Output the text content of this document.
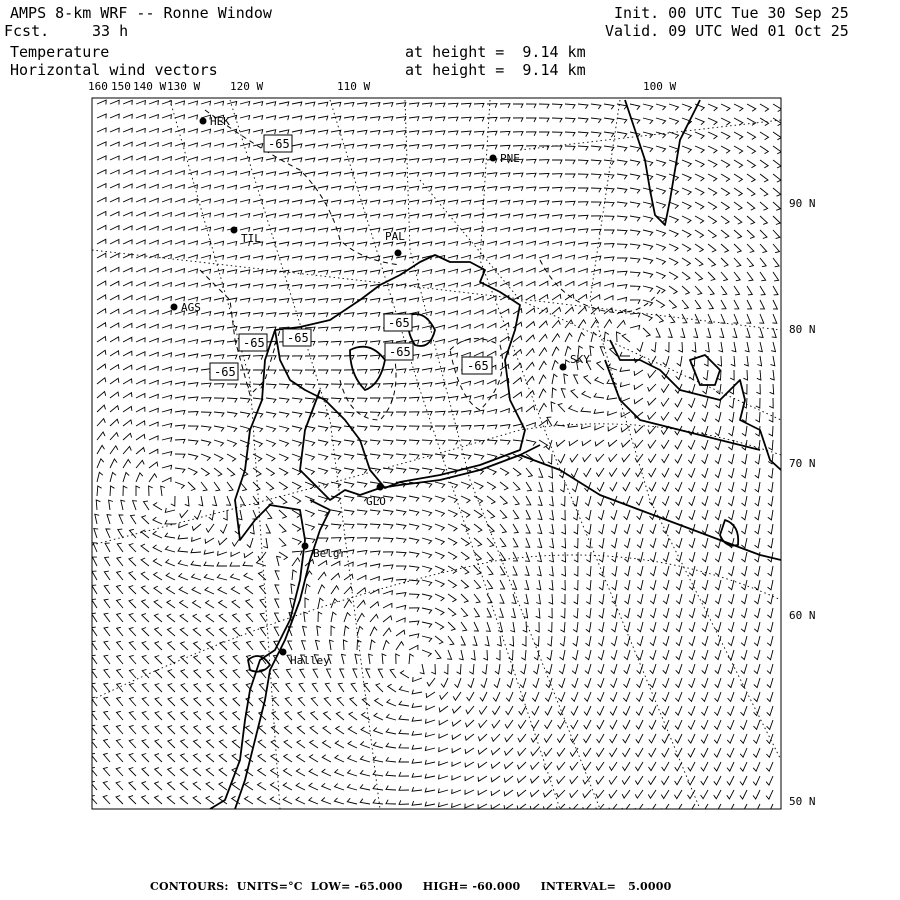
AMPS 8-km WRF -- Ronne Window
Fcst.	33 h
Temperature
Horizontal wind vectors
at height =  9.14 km
at height =  9.14 km
Init. 00 UTC Tue 30 Sep 25
Valid. 09 UTC Wed 01 Oct 25
HEK
PNE
TIL	PAL
AGS
SKY
GLO
Belgr
Halley
-65
-65
-65
-65
-65
-65
-65
160 150 140 W 130 W	120 W	110 W	100 W
90 N
80 N
70 N
60 N
50 N
CONTOURS: UNITS=°C LOW= -65.000 HIGH= -60.000 INTERVAL=   5.0000
